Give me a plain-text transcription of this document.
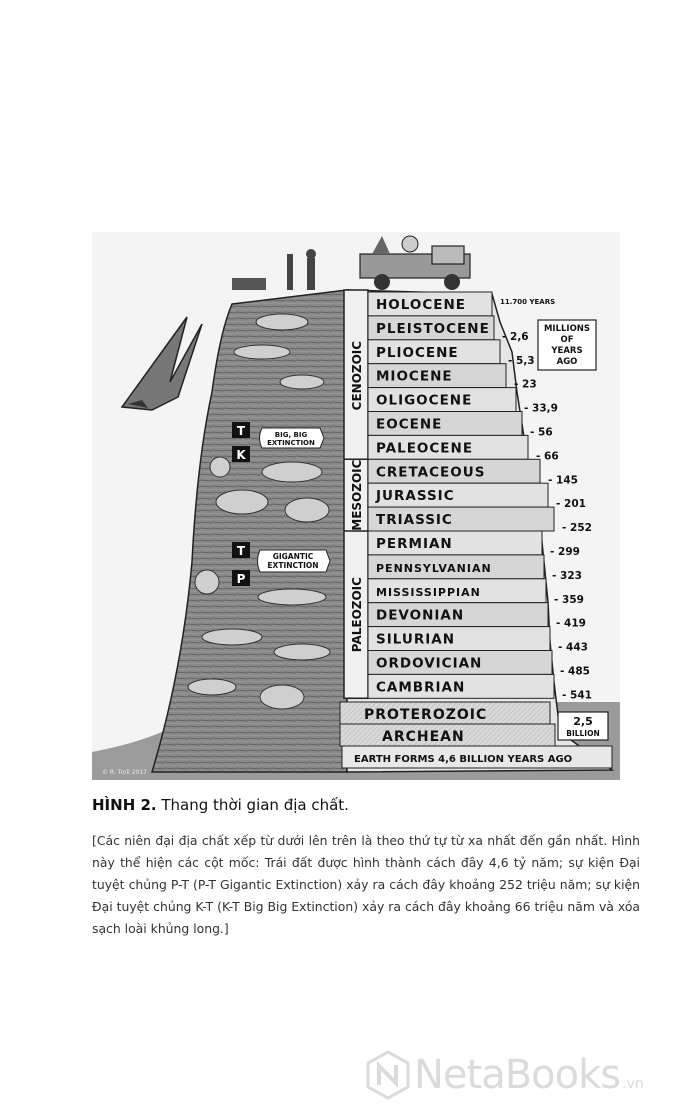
CENOZOIC
MESOZOIC
PALEOZOIC
HOLOCENE
PLEISTOCENE
PLIOCENE
MIOCENE
OLIGOCENE
EOCENE
PALEOCENE
CRETACEOUS
JURASSIC
TRIASSIC
PERMIAN
PENNSYLVANIAN
MISSISSIPPIAN
DEVONIAN
SILURIAN
ORDOVICIAN
CAMBRIAN
11.700 YEARS
- 2,6
- 5,3
- 23
- 33,9
- 56
- 66
- 145
- 201
- 252
- 299
- 323
- 359
- 419
- 443
- 485
- 541
MILLIONS
OF
YEARS
AGO
PROTEROZOIC
ARCHEAN
EARTH FORMS 4,6 BILLION YEARS AGO
2,5
BILLION
T
K
BIG, BIG
EXTINCTION
T
P
GIGANTIC
EXTINCTION
© R. Troll 2017
HÌNH 2. Thang thời gian địa chất.
[Các niên đại địa chất xếp từ dưới lên trên là theo thứ tự từ xa nhất đến gần nhất. Hình này thể hiện các cột mốc: Trái đất được hình thành cách đây 4,6 tỷ năm; sự kiện Đại tuyệt chủng P-T (P-T Gigantic Extinction) xảy ra cách đây khoảng 252 triệu năm; sự kiện Đại tuyệt chủng K-T (K-T Big Big Extinction) xảy ra cách đây khoảng 66 triệu năm và xóa sạch loài khủng long.]
NetaBooks .vn
